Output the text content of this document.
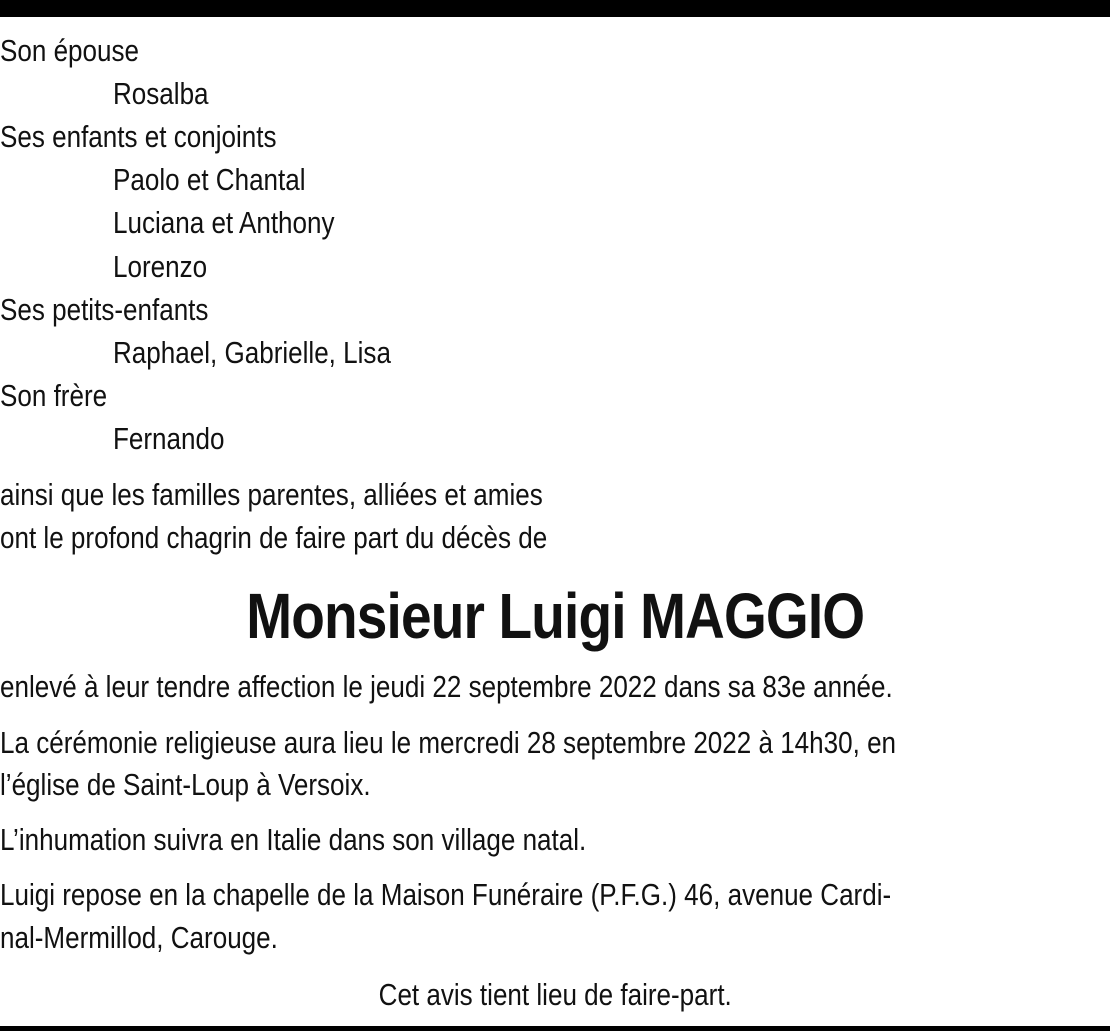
Son épouse
Rosalba
Ses enfants et conjoints
Paolo et Chantal
Luciana et Anthony
Lorenzo
Ses petits-enfants
Raphael, Gabrielle, Lisa
Son frère
Fernando
ainsi que les familles parentes, alliées et amies
ont le profond chagrin de faire part du décès de
Monsieur Luigi MAGGIO
enlevé à leur tendre affection le jeudi 22 septembre 2022 dans sa 83e année.
La cérémonie religieuse aura lieu le mercredi 28 septembre 2022 à 14h30, en
l’église de Saint-Loup à Versoix.
L’inhumation suivra en Italie dans son village natal.
Luigi repose en la chapelle de la Maison Funéraire (P.F.G.) 46, avenue Cardi-
nal-Mermillod, Carouge.
Cet avis tient lieu de faire-part.
